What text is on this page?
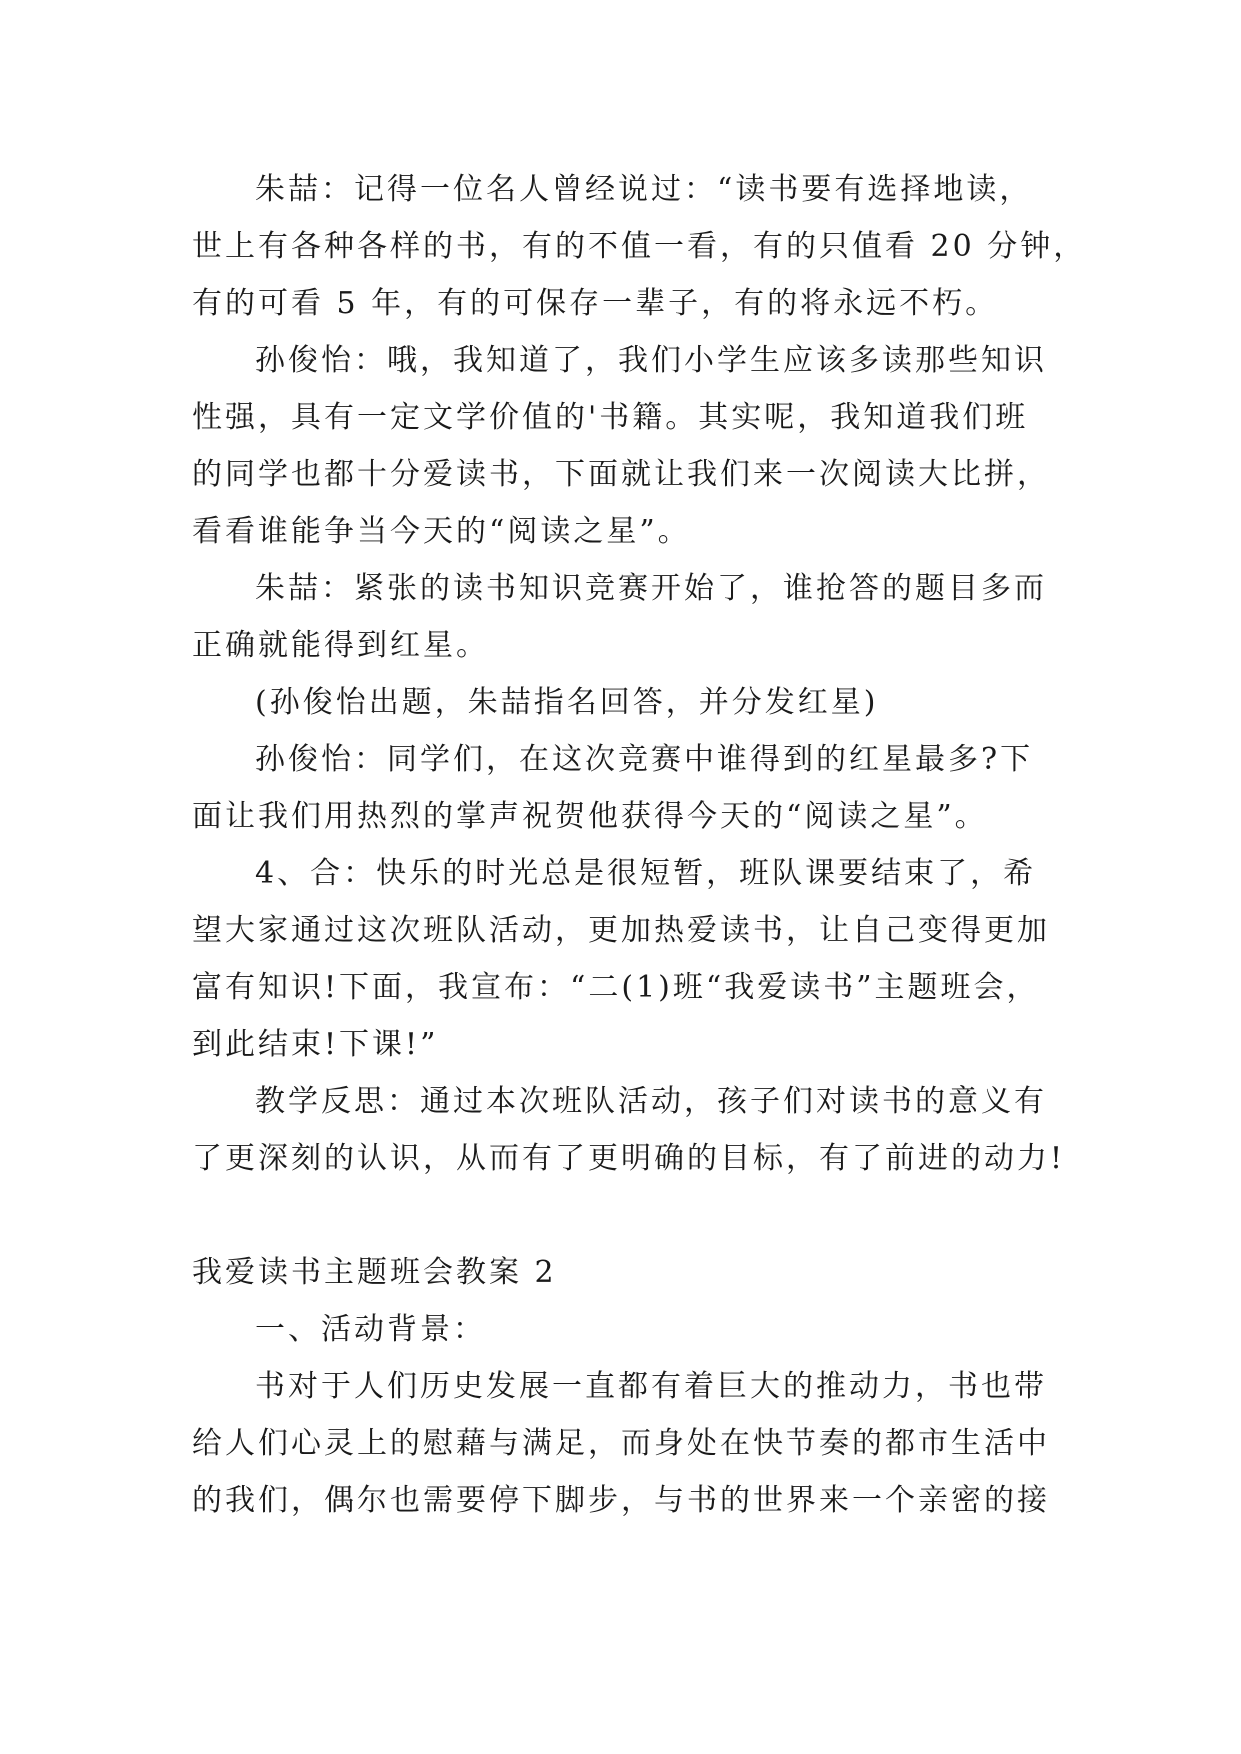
朱喆：记得一位名人曾经说过：“读书要有选择地读，
世上有各种各样的书，有的不值一看，有的只值看 20 分钟，
有的可看 5 年，有的可保存一辈子，有的将永远不朽。
孙俊怡：哦，我知道了，我们小学生应该多读那些知识
性强，具有一定文学价值的'书籍。其实呢，我知道我们班
的同学也都十分爱读书，下面就让我们来一次阅读大比拼，
看看谁能争当今天的“阅读之星”。
朱喆：紧张的读书知识竞赛开始了，谁抢答的题目多而
正确就能得到红星。
(孙俊怡出题，朱喆指名回答，并分发红星)
孙俊怡：同学们，在这次竞赛中谁得到的红星最多?下
面让我们用热烈的掌声祝贺他获得今天的“阅读之星”。
4、合：快乐的时光总是很短暂，班队课要结束了，希
望大家通过这次班队活动，更加热爱读书，让自己变得更加
富有知识!下面，我宣布：“二(1)班“我爱读书”主题班会，
到此结束!下课!”
教学反思：通过本次班队活动，孩子们对读书的意义有
了更深刻的认识，从而有了更明确的目标，有了前进的动力!
我爱读书主题班会教案 2
一、活动背景：
书对于人们历史发展一直都有着巨大的推动力，书也带
给人们心灵上的慰藉与满足，而身处在快节奏的都市生活中
的我们，偶尔也需要停下脚步，与书的世界来一个亲密的接
